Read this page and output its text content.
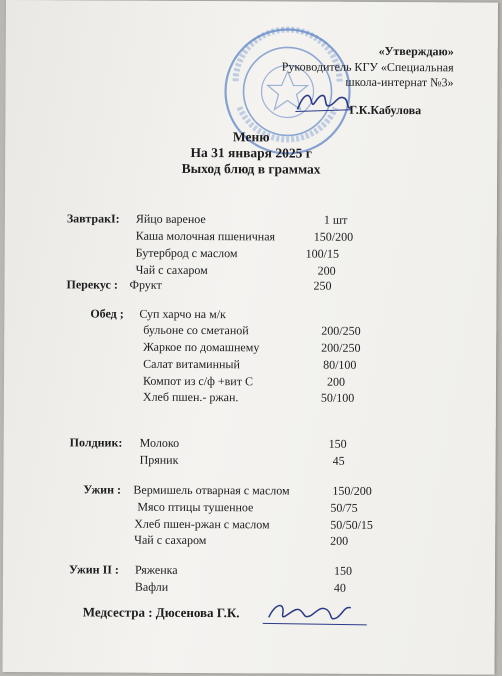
«Утверждаю»
Руководитель КГУ «Специальная
школа-интернат №3»
Г.К.Кабулова
Меню
На 31 января 2025 г
Выход блюд в граммах
ЗавтракI: Яйцо вареное	1 шт
Каша молочная пшеничная	150/200
Бутерброд с маслом	100/15
Чай с сахаром	200
Перекус : Фрукт	250
Обед ; Суп харчо на м/к
бульоне со сметаной	200/250
Жаркое по домашнему	200/250
Салат витаминный	80/100
Компот из с/ф +вит С	200
Хлеб пшен.- ржан.	50/100
Полдник: Молоко	150
Пряник	45
Ужин : Вермишель отварная с маслом	150/200
Мясо птицы тушенное	50/75
Хлеб пшен-ржан с маслом	50/50/15
Чай с сахаром	200
Ужин II : Ряженка	150
Вафли	40
Медсестра : Дюсенова Г.К.
